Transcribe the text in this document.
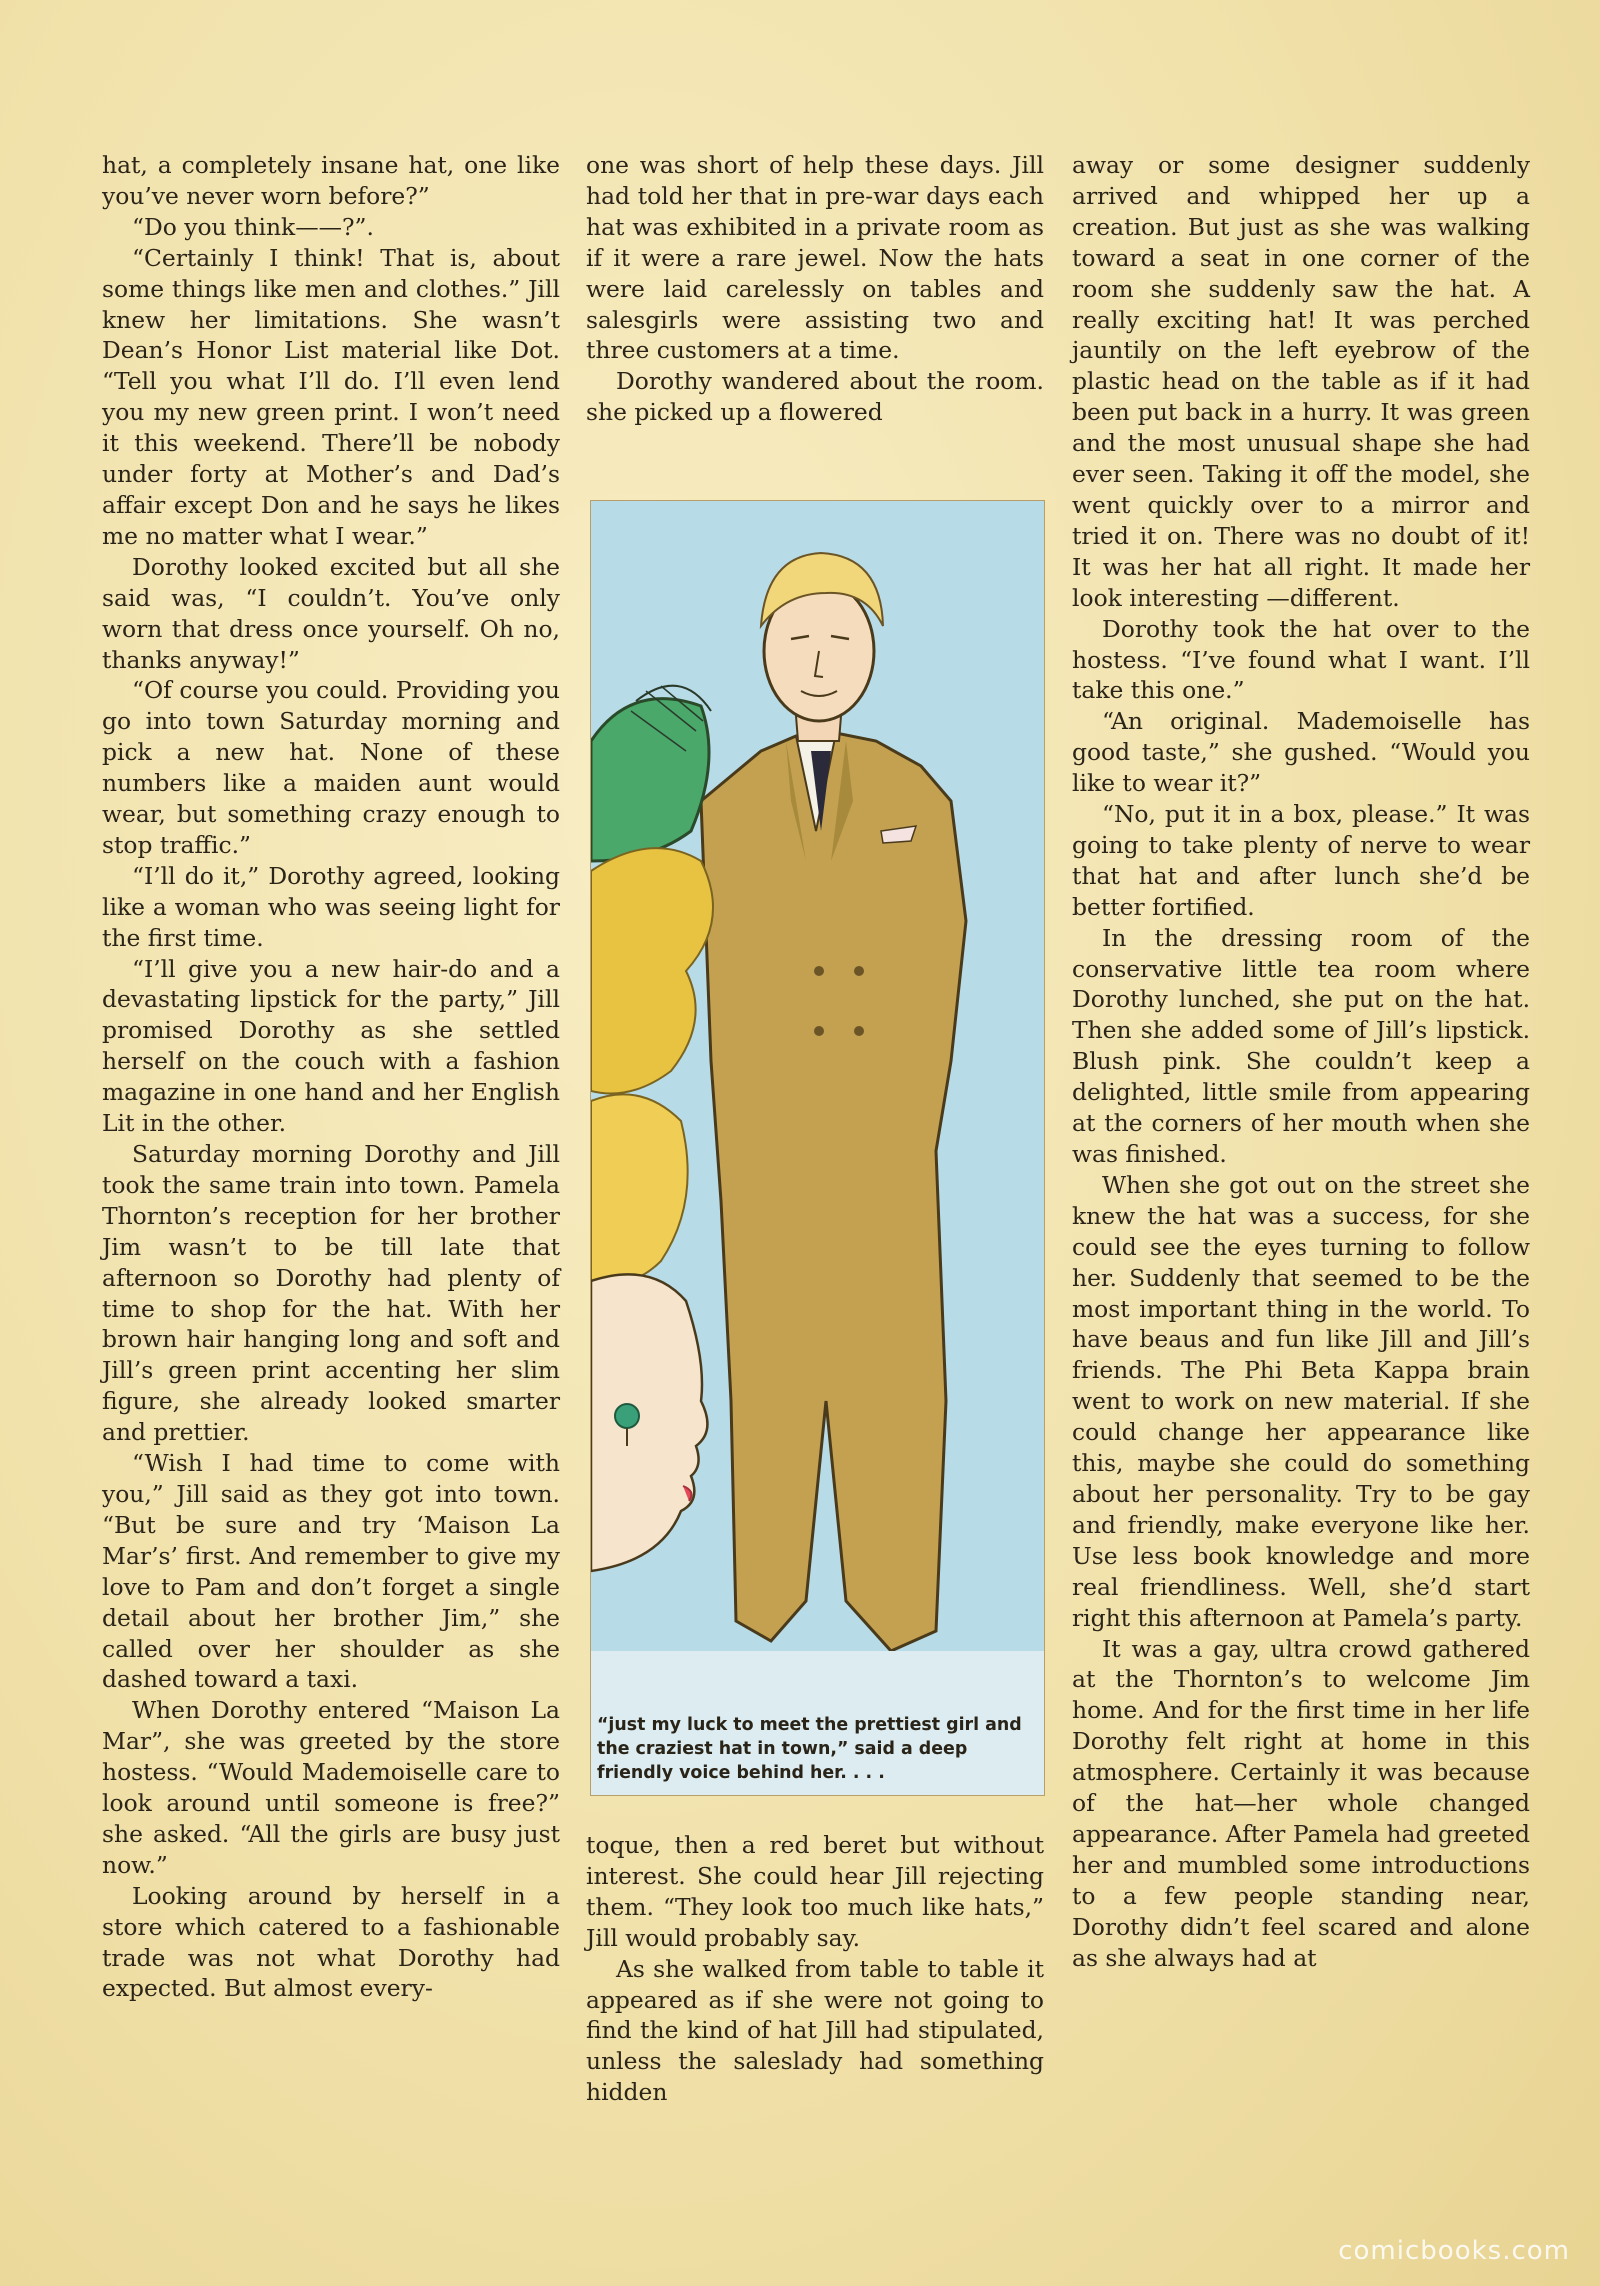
hat, a completely insane hat, one like you’ve never worn before?”

“Do you think——?”.

“Certainly I think! That is, about some things like men and clothes.” Jill knew her limitations. She wasn’t Dean’s Honor List material like Dot. “Tell you what I’ll do. I’ll even lend you my new green print. I won’t need it this weekend. There’ll be nobody under forty at Mother’s and Dad’s affair except Don and he says he likes me no matter what I wear.”

Dorothy looked excited but all she said was, “I couldn’t. You’ve only worn that dress once yourself. Oh no, thanks anyway!”

“Of course you could. Providing you go into town Saturday morning and pick a new hat. None of these numbers like a maiden aunt would wear, but something crazy enough to stop traffic.”

“I’ll do it,” Dorothy agreed, looking like a woman who was seeing light for the first time.

“I’ll give you a new hair-do and a devastating lipstick for the party,” Jill promised Dorothy as she settled herself on the couch with a fashion magazine in one hand and her English Lit in the other.

Saturday morning Dorothy and Jill took the same train into town. Pamela Thornton’s reception for her brother Jim wasn’t to be till late that afternoon so Dorothy had plenty of time to shop for the hat. With her brown hair hanging long and soft and Jill’s green print accenting her slim figure, she already looked smarter and prettier.

“Wish I had time to come with you,” Jill said as they got into town. “But be sure and try ‘Maison La Mar’s’ first. And remember to give my love to Pam and don’t forget a single detail about her brother Jim,” she called over her shoulder as she dashed toward a taxi.

When Dorothy entered “Maison La Mar”, she was greeted by the store hostess. “Would Mademoiselle care to look around until someone is free?” she asked. “All the girls are busy just now.”

Looking around by herself in a store which catered to a fashionable trade was not what Dorothy had expected. But almost every-

one was short of help these days. Jill had told her that in pre-war days each hat was exhibited in a private room as if it were a rare jewel. Now the hats were laid carelessly on tables and salesgirls were assisting two and three customers at a time.

Dorothy wandered about the room. she picked up a flowered

“just my luck to meet the prettiest girl and the craziest hat in town,” said a deep friendly voice behind her. . . .

toque, then a red beret but without interest. She could hear Jill rejecting them. “They look too much like hats,” Jill would probably say.

As she walked from table to table it appeared as if she were not going to find the kind of hat Jill had stipulated, unless the saleslady had something hidden

away or some designer suddenly arrived and whipped her up a creation. But just as she was walking toward a seat in one corner of the room she suddenly saw the hat. A really exciting hat! It was perched jauntily on the left eyebrow of the plastic head on the table as if it had been put back in a hurry. It was green and the most unusual shape she had ever seen. Taking it off the model, she went quickly over to a mirror and tried it on. There was no doubt of it! It was her hat all right. It made her look interesting —different.

Dorothy took the hat over to the hostess. “I’ve found what I want. I’ll take this one.”

“An original. Mademoiselle has good taste,” she gushed. “Would you like to wear it?”

“No, put it in a box, please.” It was going to take plenty of nerve to wear that hat and after lunch she’d be better fortified.

In the dressing room of the conservative little tea room where Dorothy lunched, she put on the hat. Then she added some of Jill’s lipstick. Blush pink. She couldn’t keep a delighted, little smile from appearing at the corners of her mouth when she was finished.

When she got out on the street she knew the hat was a success, for she could see the eyes turning to follow her. Suddenly that seemed to be the most important thing in the world. To have beaus and fun like Jill and Jill’s friends. The Phi Beta Kappa brain went to work on new material. If she could change her appearance like this, maybe she could do something about her personality. Try to be gay and friendly, make everyone like her. Use less book knowledge and more real friendliness. Well, she’d start right this afternoon at Pamela’s party.

It was a gay, ultra crowd gathered at the Thornton’s to welcome Jim home. And for the first time in her life Dorothy felt right at home in this atmosphere. Certainly it was because of the hat—her whole changed appearance. After Pamela had greeted her and mumbled some introductions to a few people standing near, Dorothy didn’t feel scared and alone as she always had at

comicbooks.com
